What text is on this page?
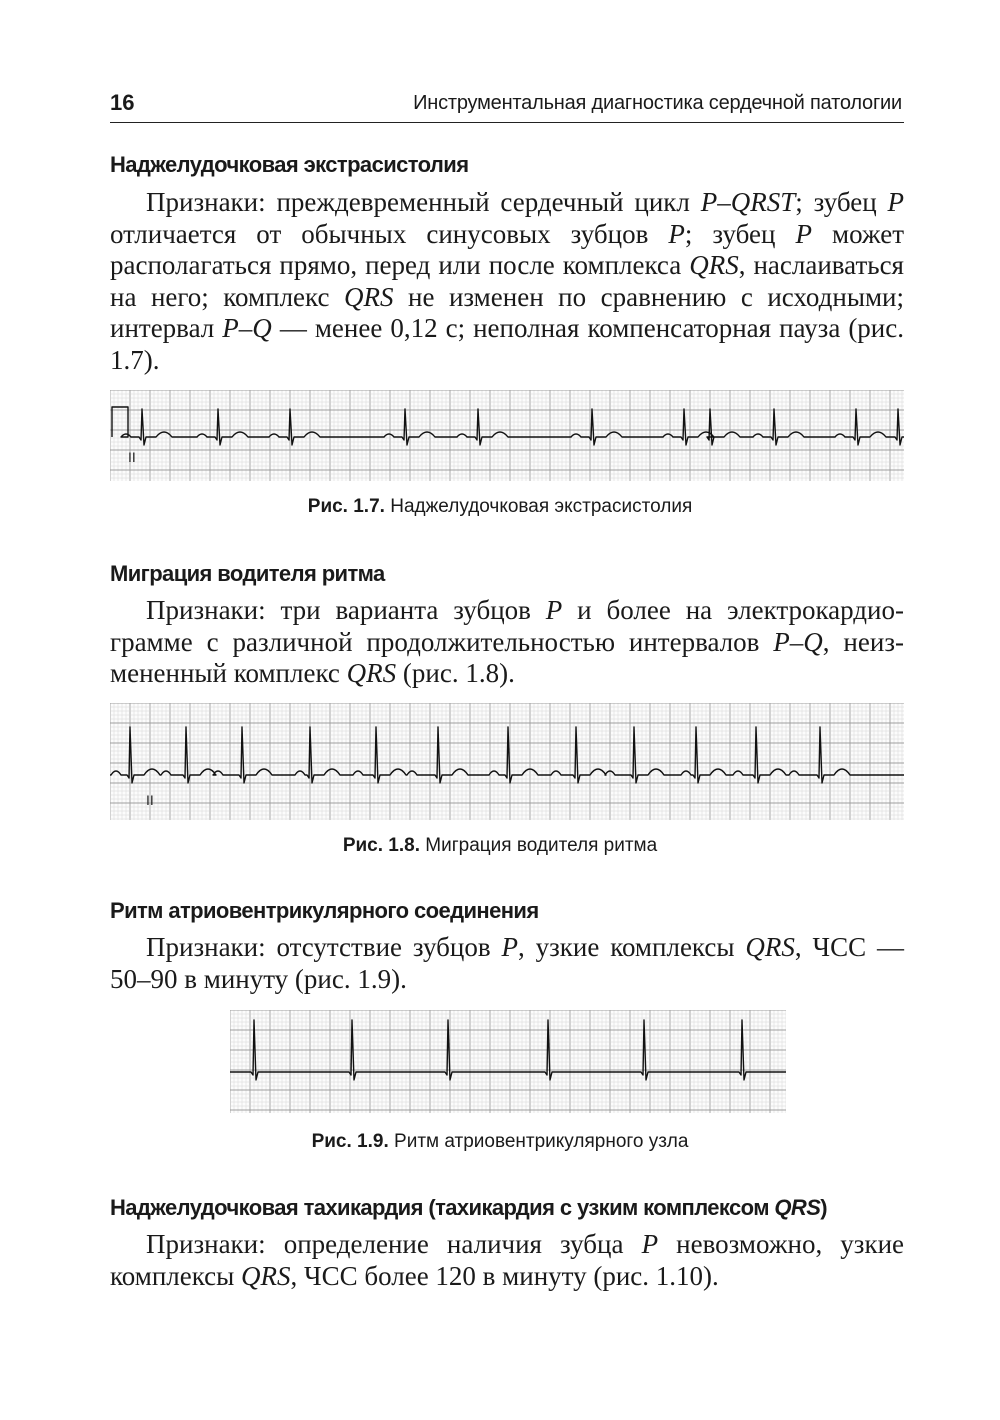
16	Инструментальная диагностика сердечной патологии
Наджелудочковая экстрасистолия

Признаки: преждевременный сердечный цикл P–QRST; зубец P отличается от обычных синусовых зубцов P; зубец P может располагаться прямо, перед или после комплекса QRS, наслаиваться на него; комплекс QRS не изменен по сравнению с исходными; интервал P–Q — менее 0,12 с; неполная компенсаторная пауза (рис. 1.7).

II
Рис. 1.7. Наджелудочковая экстрасистолия
Миграция водителя ритма

Признаки: три варианта зубцов P и более на электрокардиограмме с различной продолжительностью интервалов P–Q, неизмененный комплекс QRS (рис. 1.8).

II
Рис. 1.8. Миграция водителя ритма
Ритм атриовентрикулярного соединения

Признаки: отсутствие зубцов P, узкие комплексы QRS, ЧСС — 50–90 в минуту (рис. 1.9).

Рис. 1.9. Ритм атриовентрикулярного узла
Наджелудочковая тахикардия (тахикардия с узким комплексом QRS)

Признаки: определение наличия зубца P невозможно, узкие комплексы QRS, ЧСС более 120 в минуту (рис. 1.10).
